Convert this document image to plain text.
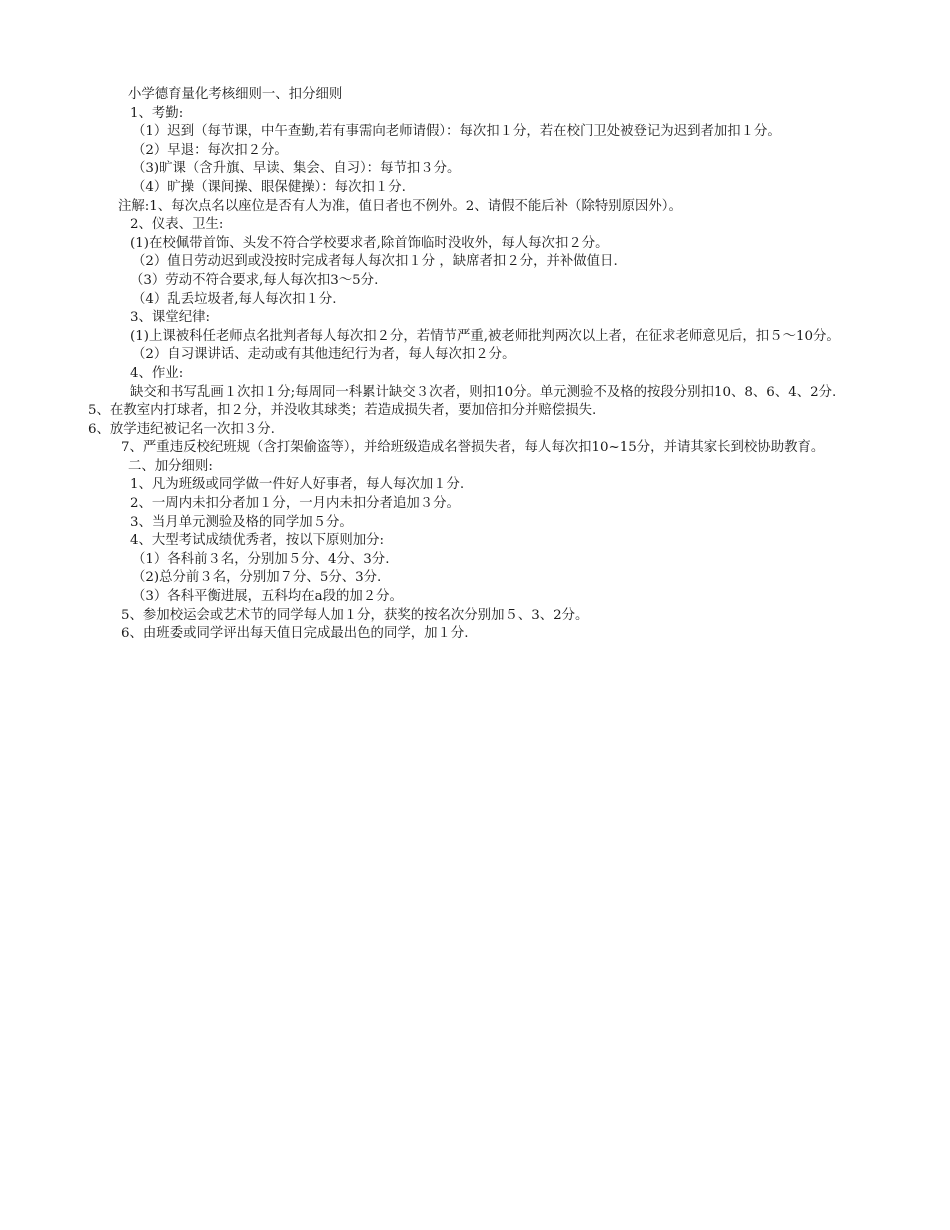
小学德育量化考核细则一、扣分细则

1、考勤:

（1）迟到（每节课，中午查勤,若有事需向老师请假）：每次扣１分，若在校门卫处被登记为迟到者加扣１分。

（2）早退：每次扣２分。

（3)旷课（含升旗、早读、集会、自习）：每节扣３分。

（4）旷操（课间操、眼保健操）：每次扣１分.

注解:1、每次点名以座位是否有人为准，值日者也不例外。2、请假不能后补（除特别原因外）。

2、仪表、卫生:

(1)在校佩带首饰、头发不符合学校要求者,除首饰临时没收外，每人每次扣２分。

（2）值日劳动迟到或没按时完成者每人每次扣１分 ，缺席者扣２分，并补做值日.

（3）劳动不符合要求,每人每次扣3～5分.

（4）乱丢垃圾者,每人每次扣１分.

3、课堂纪律:

(1)上课被科任老师点名批判者每人每次扣２分，若情节严重,被老师批判两次以上者，在征求老师意见后，扣５～10分。

（2）自习课讲话、走动或有其他违纪行为者，每人每次扣２分。

4、作业:

缺交和书写乱画１次扣１分;每周同一科累计缺交３次者，则扣10分。单元测验不及格的按段分别扣10、8、6、4、2分.

5、在教室内打球者，扣２分，并没收其球类；若造成损失者，要加倍扣分并赔偿损失.

6、放学违纪被记名一次扣３分.

7、严重违反校纪班规（含打架偷盗等），并给班级造成名誉损失者，每人每次扣10~15分，并请其家长到校协助教育。

二、加分细则:

1、凡为班级或同学做一件好人好事者，每人每次加１分.

2、一周内未扣分者加１分，一月内未扣分者追加３分。

3、当月单元测验及格的同学加５分。

4、大型考试成绩优秀者，按以下原则加分:

（1）各科前３名，分别加５分、4分、3分.

（2)总分前３名，分别加７分、5分、3分.

（3）各科平衡进展，五科均在a段的加２分。

5、参加校运会或艺术节的同学每人加１分，获奖的按名次分别加５、3、2分。

6、由班委或同学评出每天值日完成最出色的同学，加１分.
